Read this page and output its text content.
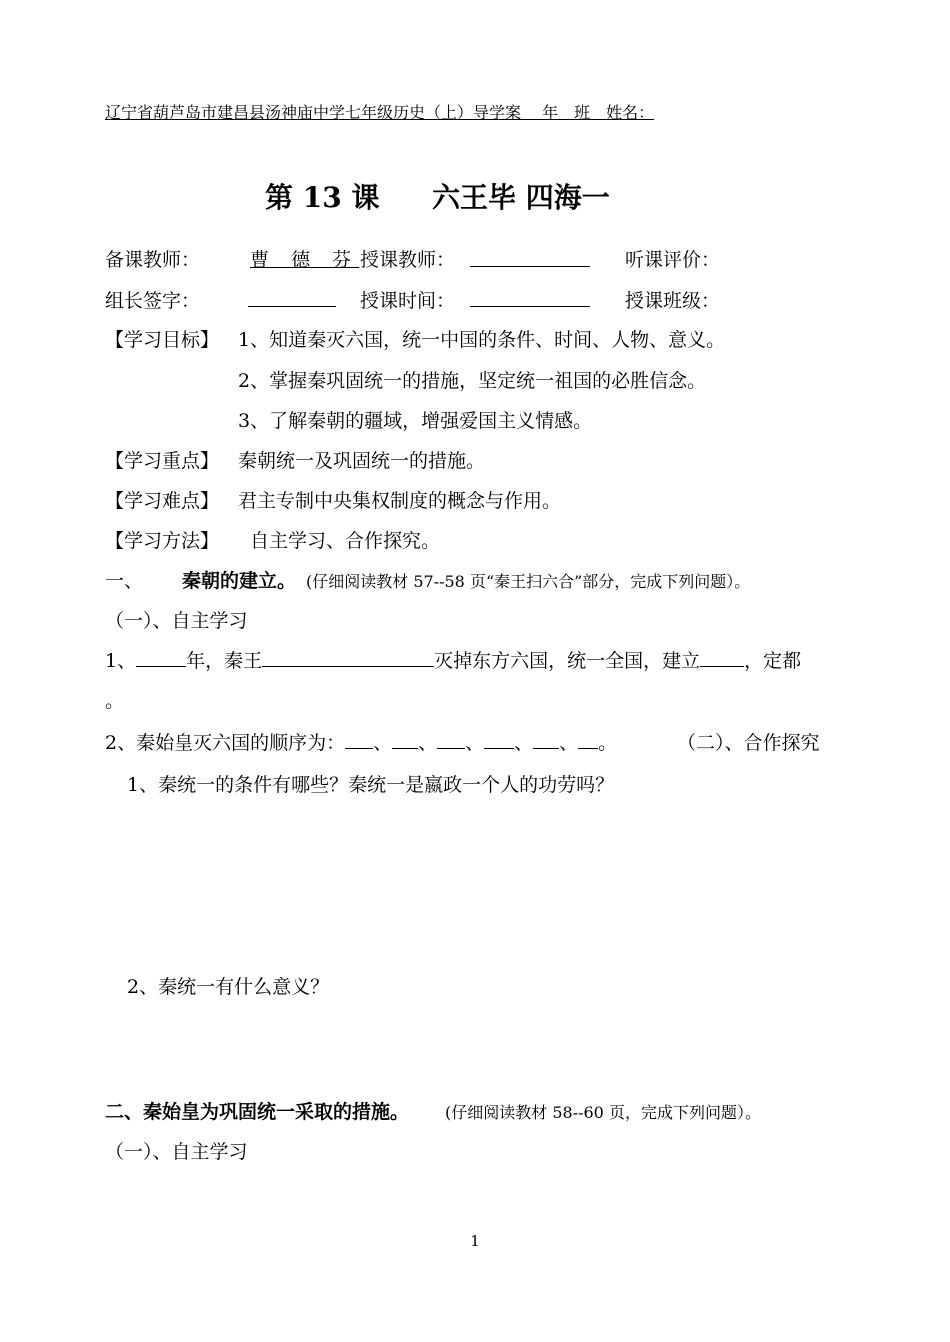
辽宁省葫芦岛市建昌县汤神庙中学七年级历史（上）导学案　 年　班　姓名：
第 13 课 六王毕 四海一
备课教师：	曹 德 芬 授课教师：	听课评价：
组长签字：	授课时间：	授课班级：
【学习目标】 1、知道秦灭六国，统一中国的条件、时间、人物、意义。
2、掌握秦巩固统一的措施，坚定统一祖国的必胜信念。
3、了解秦朝的疆域，增强爱国主义情感。
【学习重点】 秦朝统一及巩固统一的措施。
【学习难点】 君主专制中央集权制度的概念与作用。
【学习方法】 自主学习、合作探究。
一、 秦朝的建立。 (仔细阅读教材 57--58 页“秦王扫六合”部分，完成下列问题）。
（一）、自主学习
1、	年，秦王	灭掉东方六国，统一全国，建立 ，定都
。
2、秦始皇灭六国的顺序为： 、 、 、 、 、 。	（二）、合作探究
1、秦统一的条件有哪些？秦统一是嬴政一个人的功劳吗？
2、秦统一有什么意义？
二、秦始皇为巩固统一采取的措施。 (仔细阅读教材 58--60 页，完成下列问题）。
（一）、自主学习
1
